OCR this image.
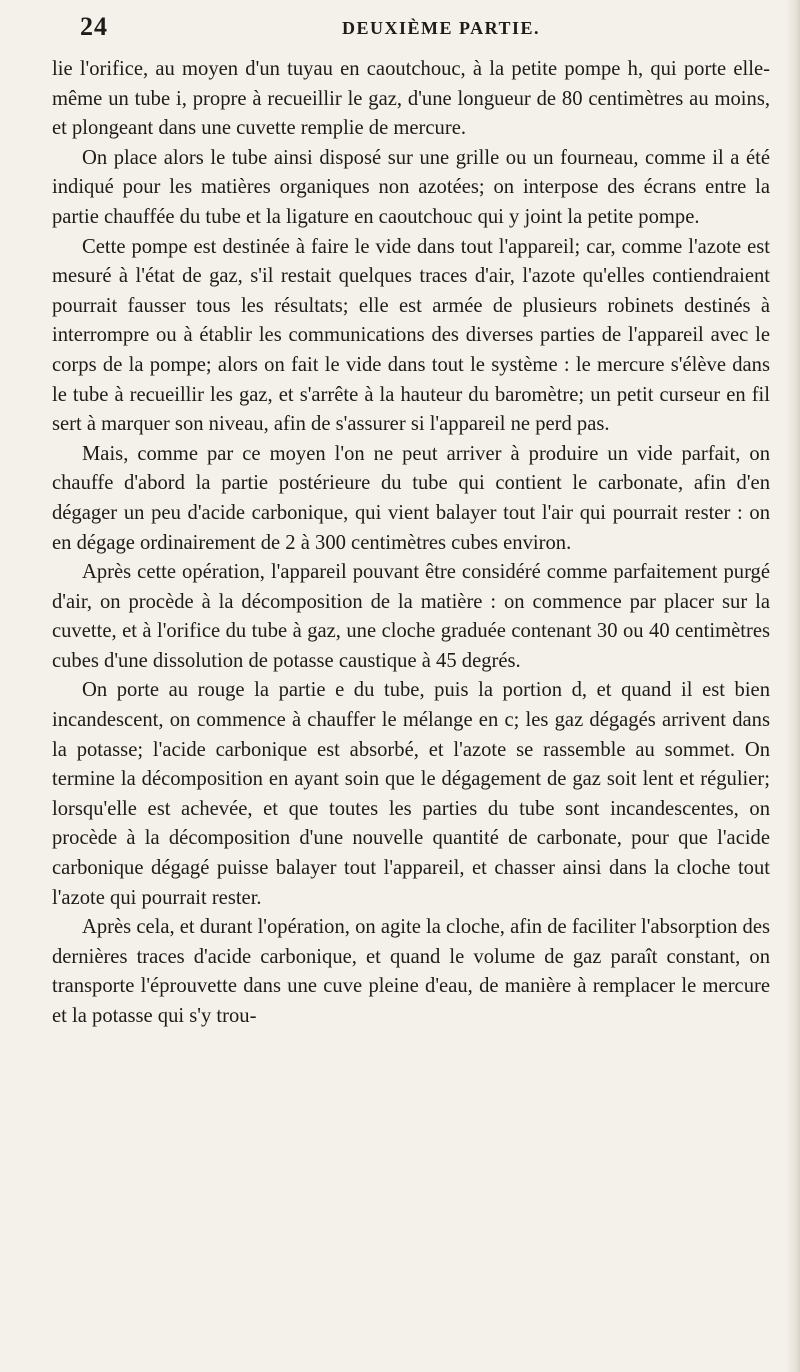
24	DEUXIÈME PARTIE.

lie l'orifice, au moyen d'un tuyau en caoutchouc, à la petite pompe h, qui porte elle-même un tube i, propre à recueillir le gaz, d'une longueur de 80 centimètres au moins, et plongeant dans une cuvette remplie de mercure.

On place alors le tube ainsi disposé sur une grille ou un fourneau, comme il a été indiqué pour les matières organiques non azotées; on interpose des écrans entre la partie chauffée du tube et la ligature en caoutchouc qui y joint la petite pompe.

Cette pompe est destinée à faire le vide dans tout l'appareil; car, comme l'azote est mesuré à l'état de gaz, s'il restait quelques traces d'air, l'azote qu'elles contiendraient pourrait fausser tous les résultats; elle est armée de plusieurs robinets destinés à interrompre ou à établir les communications des diverses parties de l'appareil avec le corps de la pompe; alors on fait le vide dans tout le système : le mercure s'élève dans le tube à recueillir les gaz, et s'arrête à la hauteur du baromètre; un petit curseur en fil sert à marquer son niveau, afin de s'assurer si l'appareil ne perd pas.

Mais, comme par ce moyen l'on ne peut arriver à produire un vide parfait, on chauffe d'abord la partie postérieure du tube qui contient le carbonate, afin d'en dégager un peu d'acide carbonique, qui vient balayer tout l'air qui pourrait rester : on en dégage ordinairement de 2 à 300 centimètres cubes environ.

Après cette opération, l'appareil pouvant être considéré comme parfaitement purgé d'air, on procède à la décomposition de la matière : on commence par placer sur la cuvette, et à l'orifice du tube à gaz, une cloche graduée contenant 30 ou 40 centimètres cubes d'une dissolution de potasse caustique à 45 degrés.

On porte au rouge la partie e du tube, puis la portion d, et quand il est bien incandescent, on commence à chauffer le mélange en c; les gaz dégagés arrivent dans la potasse; l'acide carbonique est absorbé, et l'azote se rassemble au sommet. On termine la décomposition en ayant soin que le dégagement de gaz soit lent et régulier; lorsqu'elle est achevée, et que toutes les parties du tube sont incandescentes, on procède à la décomposition d'une nouvelle quantité de carbonate, pour que l'acide carbonique dégagé puisse balayer tout l'appareil, et chasser ainsi dans la cloche tout l'azote qui pourrait rester.

Après cela, et durant l'opération, on agite la cloche, afin de faciliter l'absorption des dernières traces d'acide carbonique, et quand le volume de gaz paraît constant, on transporte l'éprouvette dans une cuve pleine d'eau, de manière à remplacer le mercure et la potasse qui s'y trou-
